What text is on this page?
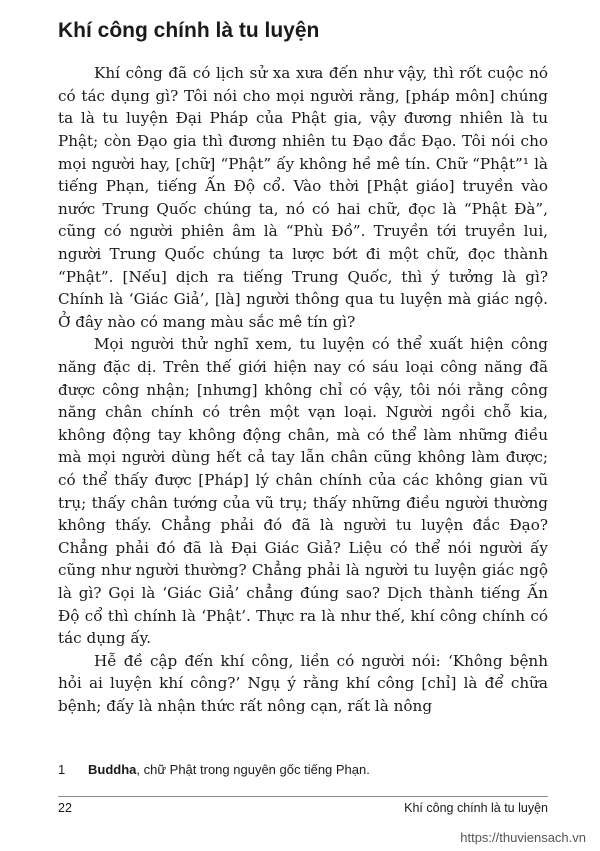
Khí công chính là tu luyện

Khí công đã có lịch sử xa xưa đến như vậy, thì rốt cuộc nó có tác dụng gì? Tôi nói cho mọi người rằng, [pháp môn] chúng ta là tu luyện Đại Pháp của Phật gia, vậy đương nhiên là tu Phật; còn Đạo gia thì đương nhiên tu Đạo đắc Đạo. Tôi nói cho mọi người hay, [chữ] “Phật” ấy không hề mê tín. Chữ “Phật”¹ là tiếng Phạn, tiếng Ấn Độ cổ. Vào thời [Phật giáo] truyền vào nước Trung Quốc chúng ta, nó có hai chữ, đọc là “Phật Đà”, cũng có người phiên âm là “Phù Đồ”. Truyền tới truyền lui, người Trung Quốc chúng ta lược bớt đi một chữ, đọc thành “Phật”. [Nếu] dịch ra tiếng Trung Quốc, thì ý tưởng là gì? Chính là ‘Giác Giả’, [là] người thông qua tu luyện mà giác ngộ. Ở đây nào có mang màu sắc mê tín gì?

Mọi người thử nghĩ xem, tu luyện có thể xuất hiện công năng đặc dị. Trên thế giới hiện nay có sáu loại công năng đã được công nhận; [nhưng] không chỉ có vậy, tôi nói rằng công năng chân chính có trên một vạn loại. Người ngồi chỗ kia, không động tay không động chân, mà có thể làm những điều mà mọi người dùng hết cả tay lẫn chân cũng không làm được; có thể thấy được [Pháp] lý chân chính của các không gian vũ trụ; thấy chân tướng của vũ trụ; thấy những điều người thường không thấy. Chẳng phải đó đã là người tu luyện đắc Đạo? Chẳng phải đó đã là Đại Giác Giả? Liệu có thể nói người ấy cũng như người thường? Chẳng phải là người tu luyện giác ngộ là gì? Gọi là ‘Giác Giả’ chẳng đúng sao? Dịch thành tiếng Ấn Độ cổ thì chính là ‘Phật’. Thực ra là như thế, khí công chính có tác dụng ấy.

Hễ đề cập đến khí công, liền có người nói: ‘Không bệnh hỏi ai luyện khí công?’ Ngụ ý rằng khí công [chỉ] là để chữa bệnh; đấy là nhận thức rất nông cạn, rất là nông

1 Buddha, chữ Phật trong nguyên gốc tiếng Phạn.
22	Khí công chính là tu luyện
https://thuviensach.vn
